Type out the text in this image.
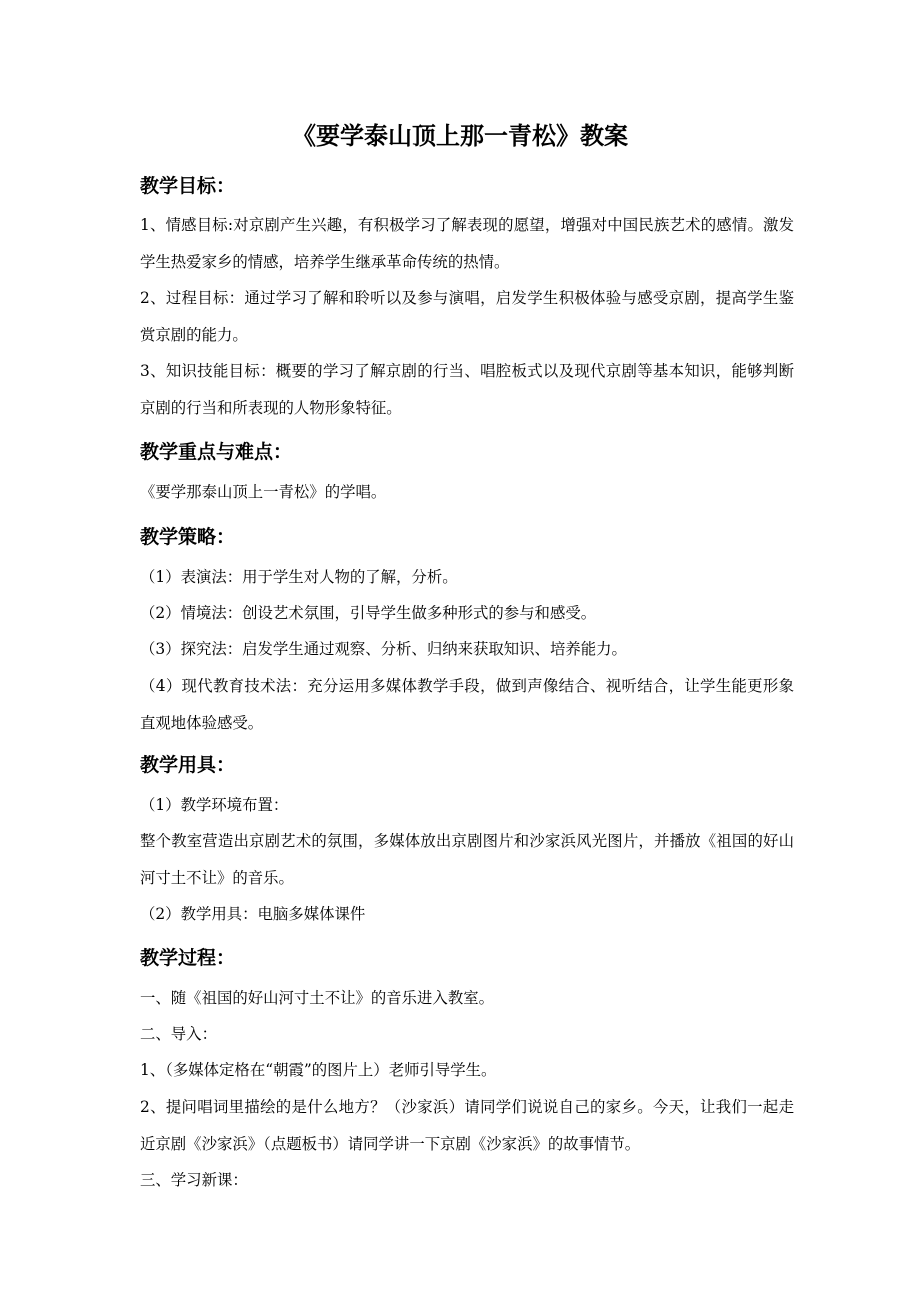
《要学泰山顶上那一青松》教案
教学目标：
1、情感目标:对京剧产生兴趣，有积极学习了解表现的愿望，增强对中国民族艺术的感情。激发学生热爱家乡的情感，培养学生继承革命传统的热情。
2、过程目标：通过学习了解和聆听以及参与演唱，启发学生积极体验与感受京剧，提高学生鉴赏京剧的能力。
3、知识技能目标：概要的学习了解京剧的行当、唱腔板式以及现代京剧等基本知识，能够判断京剧的行当和所表现的人物形象特征。
教学重点与难点：
《要学那泰山顶上一青松》的学唱。
教学策略：
（1）表演法：用于学生对人物的了解，分析。
（2）情境法：创设艺术氛围，引导学生做多种形式的参与和感受。
（3）探究法：启发学生通过观察、分析、归纳来获取知识、培养能力。
（4）现代教育技术法：充分运用多媒体教学手段，做到声像结合、视听结合，让学生能更形象直观地体验感受。
教学用具：
（1）教学环境布置：
整个教室营造出京剧艺术的氛围，多媒体放出京剧图片和沙家浜风光图片，并播放《祖国的好山河寸土不让》的音乐。
（2）教学用具：电脑多媒体课件
教学过程：
一、随《祖国的好山河寸土不让》的音乐进入教室。
二、导入：
1、（多媒体定格在“朝霞”的图片上）老师引导学生。
2、提问唱词里描绘的是什么地方？（沙家浜）请同学们说说自己的家乡。今天，让我们一起走近京剧《沙家浜》（点题板书）请同学讲一下京剧《沙家浜》的故事情节。
三、学习新课：
